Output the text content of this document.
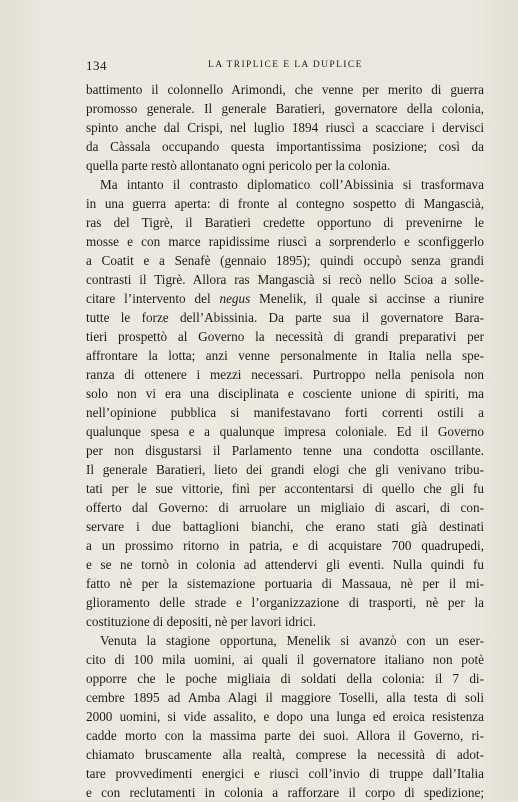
134	LA TRIPLICE E LA DUPLICE

battimento il colonnello Arimondi, che venne per merito di guerra
promosso generale. Il generale Baratieri, governatore della colonia,
spinto anche dal Crispi, nel luglio 1894 riuscì a scacciare i dervisci
da Càssala occupando questa importantissima posizione; così da
quella parte restò allontanato ogni pericolo per la colonia.

Ma intanto il contrasto diplomatico coll’Abissinia si trasformava
in una guerra aperta: di fronte al contegno sospetto di Mangascià,
ras del Tigrè, il Baratieri credette opportuno di prevenirne le
mosse e con marce rapidissime riuscì a sorprenderlo e sconfiggerlo
a Coatit e a Senafè (gennaio 1895); quindi occupò senza grandi
contrasti il Tigrè. Allora ras Mangascià si recò nello Scioa a solle-
citare l’intervento del negus Menelik, il quale si accinse a riunire
tutte le forze dell’Abissinia. Da parte sua il governatore Bara-
tieri prospettò al Governo la necessità di grandi preparativi per
affrontare la lotta; anzi venne personalmente in Italia nella spe-
ranza di ottenere i mezzi necessari. Purtroppo nella penisola non
solo non vi era una disciplinata e cosciente unione di spiriti, ma
nell’opinione pubblica si manifestavano forti correnti ostili a
qualunque spesa e a qualunque impresa coloniale. Ed il Governo
per non disgustarsi il Parlamento tenne una condotta oscillante.
Il generale Baratieri, lieto dei grandi elogi che gli venivano tribu-
tati per le sue vittorie, finì per accontentarsi di quello che gli fu
offerto dal Governo: di arruolare un migliaio di ascari, di con-
servare i due battaglioni bianchi, che erano stati già destinati
a un prossimo ritorno in patria, e di acquistare 700 quadrupedi,
e se ne tornò in colonia ad attendervi gli eventi. Nulla quindi fu
fatto nè per la sistemazione portuaria di Massaua, nè per il mi-
glioramento delle strade e l’organizzazione di trasporti, nè per la
costituzione di depositi, nè per lavori idrici.

Venuta la stagione opportuna, Menelik si avanzò con un eser-
cito di 100 mila uomini, ai quali il governatore italiano non potè
opporre che le poche migliaia di soldati della colonia: il 7 di-
cembre 1895 ad Amba Alagi il maggiore Toselli, alla testa di soli
2000 uomini, si vide assalito, e dopo una lunga ed eroica resistenza
cadde morto con la massima parte dei suoi. Allora il Governo, ri-
chiamato bruscamente alla realtà, comprese la necessità di adot-
tare provvedimenti energici e riuscì coll’invio di truppe dall’Italia
e con reclutamenti in colonia a rafforzare il corpo di spedizione;
